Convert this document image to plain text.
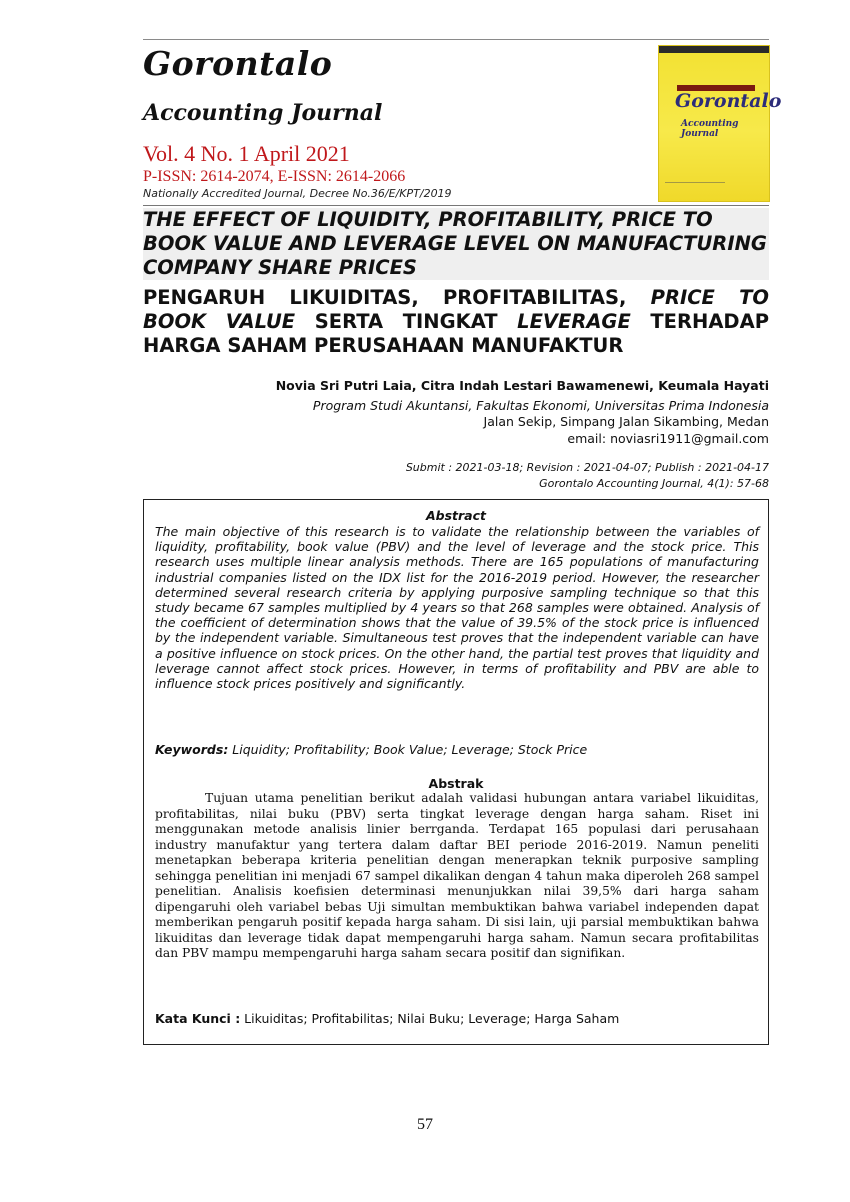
Gorontalo
Accounting Journal
Vol. 4 No. 1 April 2021
P-ISSN: 2614-2074, E-ISSN: 2614-2066
Nationally Accredited Journal, Decree No.36/E/KPT/2019
Gorontalo
Accounting Journal
THE EFFECT OF LIQUIDITY, PROFITABILITY, PRICE TO BOOK VALUE AND LEVERAGE LEVEL ON MANUFACTURING COMPANY SHARE PRICES
PENGARUH LIKUIDITAS, PROFITABILITAS, PRICE TO BOOK VALUE SERTA TINGKAT LEVERAGE TERHADAP HARGA SAHAM PERUSAHAAN MANUFAKTUR
Novia Sri Putri Laia, Citra Indah Lestari Bawamenewi, Keumala Hayati
Program Studi Akuntansi, Fakultas Ekonomi, Universitas Prima Indonesia
Jalan Sekip, Simpang Jalan Sikambing, Medan
email: noviasri1911@gmail.com
Submit : 2021-03-18; Revision : 2021-04-07; Publish : 2021-04-17
Gorontalo Accounting Journal, 4(1): 57-68
Abstract

The main objective of this research is to validate the relationship between the variables of liquidity, profitability, book value (PBV) and the level of leverage and the stock price. This research uses multiple linear analysis methods. There are 165 populations of manufacturing industrial companies listed on the IDX list for the 2016-2019 period. However, the researcher determined several research criteria by applying purposive sampling technique so that this study became 67 samples multiplied by 4 years so that 268 samples were obtained. Analysis of the coefficient of determination shows that the value of 39.5% of the stock price is influenced by the independent variable. Simultaneous test proves that the independent variable can have a positive influence on stock prices. On the other hand, the partial test proves that liquidity and leverage cannot affect stock prices. However, in terms of profitability and PBV are able to influence stock prices positively and significantly.

Keywords: Liquidity; Profitability; Book Value; Leverage; Stock Price
Abstrak

Tujuan utama penelitian berikut adalah validasi hubungan antara variabel likuiditas, profitabilitas, nilai buku (PBV) serta tingkat leverage dengan harga saham. Riset ini menggunakan metode analisis linier berrganda. Terdapat 165 populasi dari perusahaan industry manufaktur yang tertera dalam daftar BEI periode 2016-2019. Namun peneliti menetapkan beberapa kriteria penelitian dengan menerapkan teknik purposive sampling sehingga penelitian ini menjadi 67 sampel dikalikan dengan 4 tahun maka diperoleh 268 sampel penelitian. Analisis koefisien determinasi menunjukkan nilai 39,5% dari harga saham dipengaruhi oleh variabel bebas Uji simultan membuktikan bahwa variabel independen dapat memberikan pengaruh positif kepada harga saham. Di sisi lain, uji parsial membuktikan bahwa likuiditas dan leverage tidak dapat mempengaruhi harga saham. Namun secara profitabilitas dan PBV mampu mempengaruhi harga saham secara positif dan signifikan.

Kata Kunci : Likuiditas; Profitabilitas; Nilai Buku; Leverage; Harga Saham
57
